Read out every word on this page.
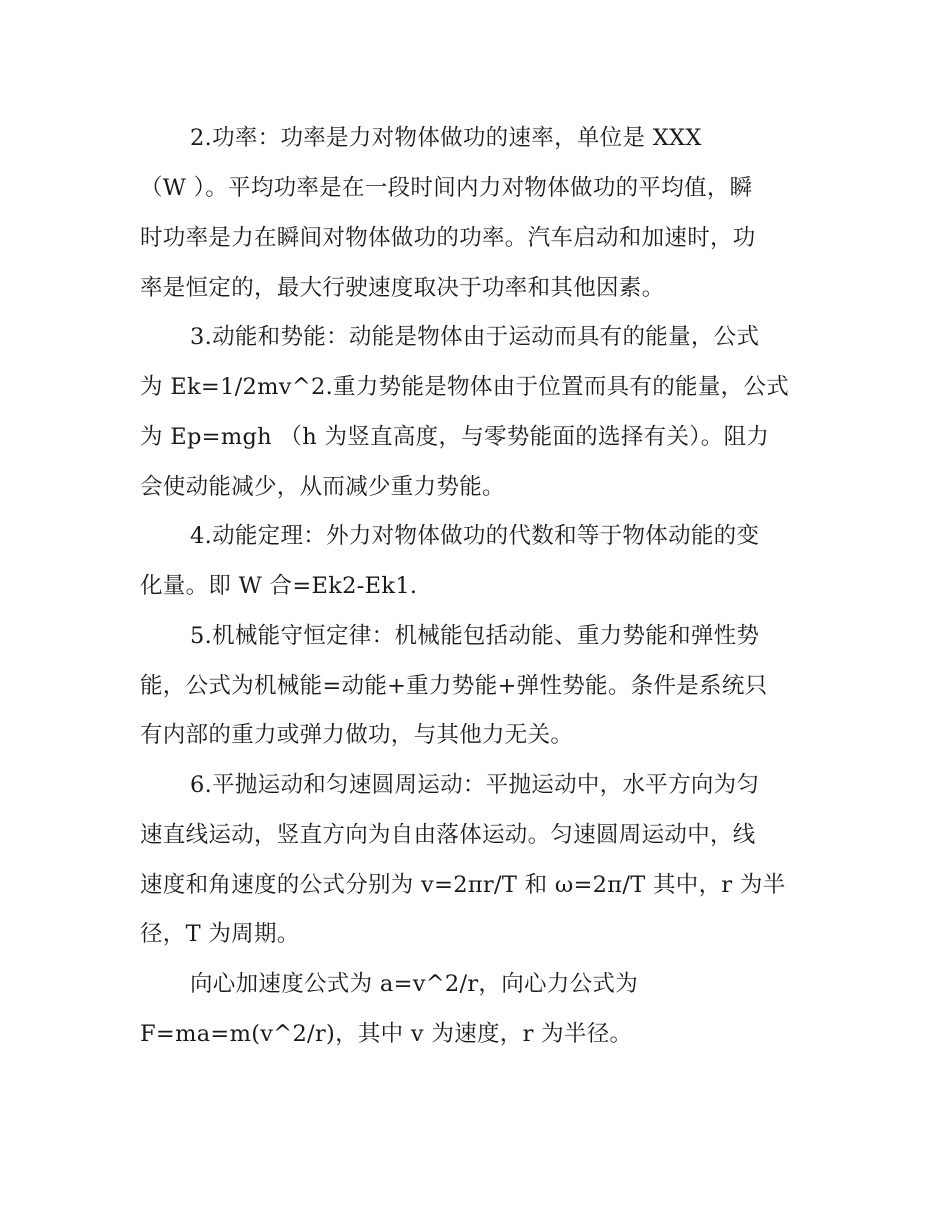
2.功率：功率是力对物体做功的速率，单位是 XXX
（W ）。平均功率是在一段时间内力对物体做功的平均值，瞬
时功率是力在瞬间对物体做功的功率。汽车启动和加速时，功
率是恒定的，最大行驶速度取决于功率和其他因素。
3.动能和势能：动能是物体由于运动而具有的能量，公式
为 Ek=1/2mv^2.重力势能是物体由于位置而具有的能量，公式
为 Ep=mgh （h 为竖直高度，与零势能面的选择有关）。阻力
会使动能减少，从而减少重力势能。
4.动能定理：外力对物体做功的代数和等于物体动能的变
化量。即 W 合=Ek2-Ek1.
5.机械能守恒定律：机械能包括动能、重力势能和弹性势
能，公式为机械能=动能+重力势能+弹性势能。条件是系统只
有内部的重力或弹力做功，与其他力无关。
6.平抛运动和匀速圆周运动：平抛运动中，水平方向为匀
速直线运动，竖直方向为自由落体运动。匀速圆周运动中，线
速度和角速度的公式分别为 v=2πr/T 和 ω=2π/T 其中，r 为半
径，T 为周期。
向心加速度公式为 a=v^2/r，向心力公式为
F=ma=m(v^2/r)，其中 v 为速度，r 为半径。
